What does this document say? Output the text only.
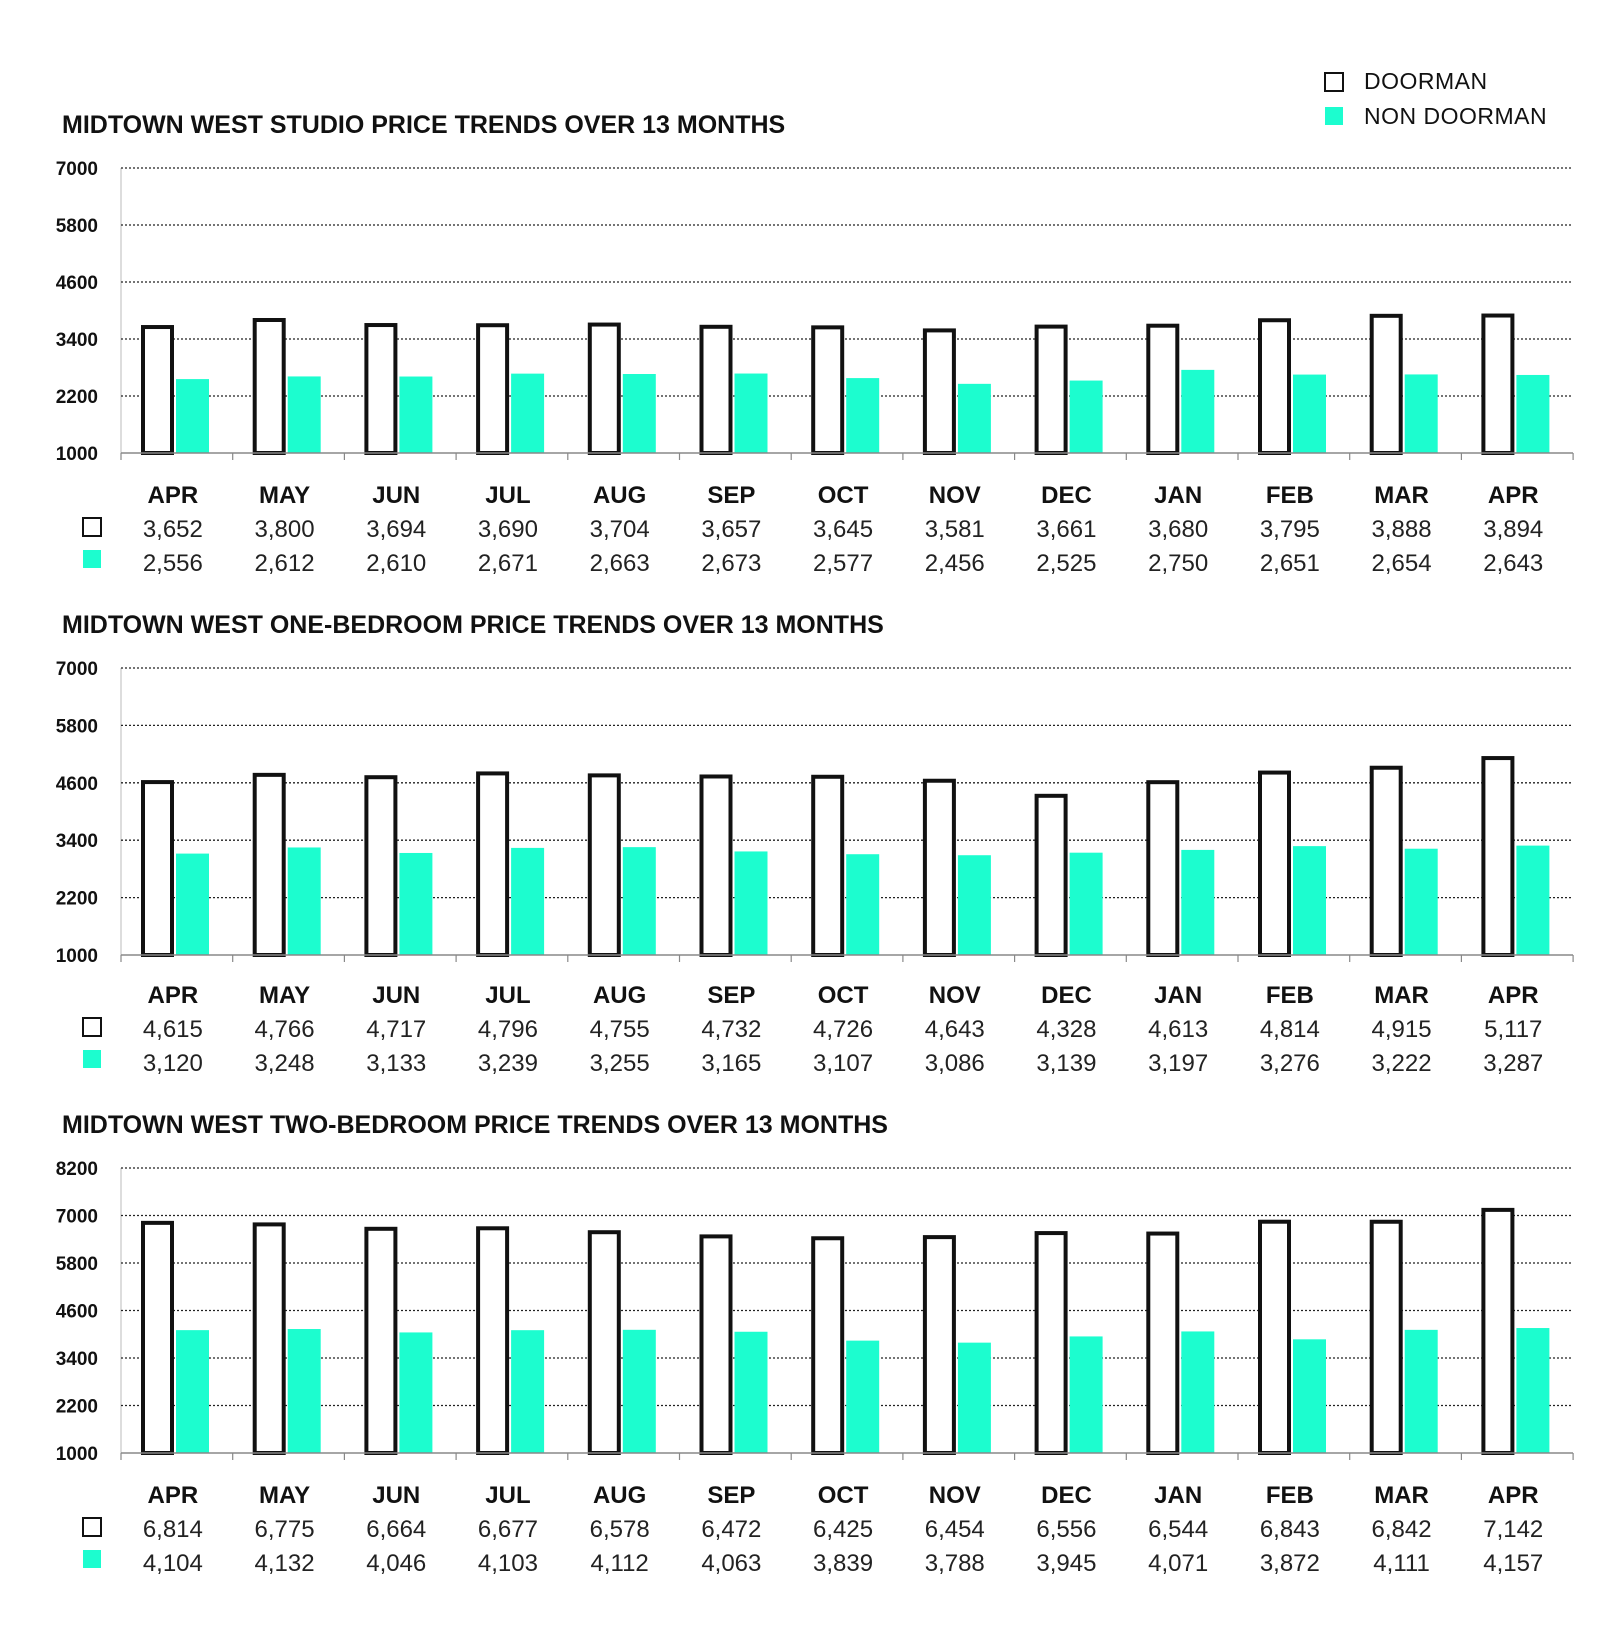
DOORMAN
NON DOORMAN
MIDTOWN WEST STUDIO PRICE TRENDS OVER 13 MONTHS
1000
2200
3400
4600
5800
7000
APR
3,652
2,556
MAY
3,800
2,612
JUN
3,694
2,610
JUL
3,690
2,671
AUG
3,704
2,663
SEP
3,657
2,673
OCT
3,645
2,577
NOV
3,581
2,456
DEC
3,661
2,525
JAN
3,680
2,750
FEB
3,795
2,651
MAR
3,888
2,654
APR
3,894
2,643
MIDTOWN WEST ONE-BEDROOM PRICE TRENDS OVER 13 MONTHS
1000
2200
3400
4600
5800
7000
APR
4,615
3,120
MAY
4,766
3,248
JUN
4,717
3,133
JUL
4,796
3,239
AUG
4,755
3,255
SEP
4,732
3,165
OCT
4,726
3,107
NOV
4,643
3,086
DEC
4,328
3,139
JAN
4,613
3,197
FEB
4,814
3,276
MAR
4,915
3,222
APR
5,117
3,287
MIDTOWN WEST TWO-BEDROOM PRICE TRENDS OVER 13 MONTHS
1000
2200
3400
4600
5800
7000
8200
APR
6,814
4,104
MAY
6,775
4,132
JUN
6,664
4,046
JUL
6,677
4,103
AUG
6,578
4,112
SEP
6,472
4,063
OCT
6,425
3,839
NOV
6,454
3,788
DEC
6,556
3,945
JAN
6,544
4,071
FEB
6,843
3,872
MAR
6,842
4,111
APR
7,142
4,157
